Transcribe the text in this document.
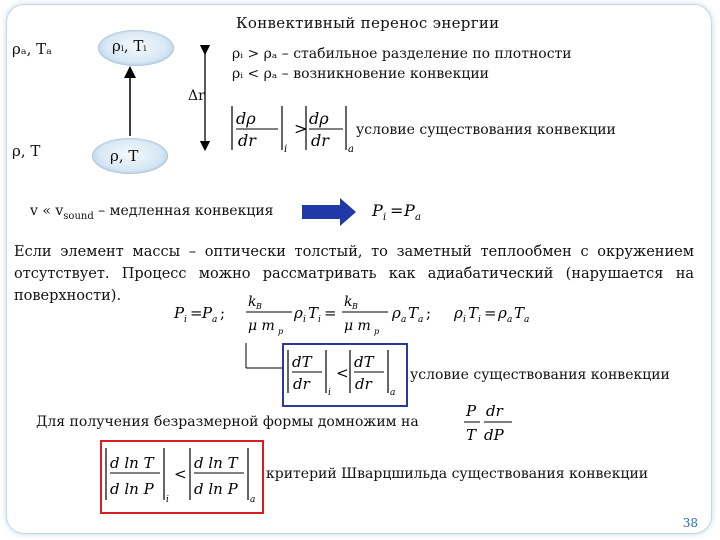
Конвективный перенос энергии
ρₐ, Tₐ
ρ, T
ρᵢ, Tᵢ
ρ, T
Δr
ρᵢ > ρₐ – стабильное разделение по плотности
ρᵢ < ρₐ – возникновение конвекции
dρ
dr	i
>
dρ
dr a
условие существования конвекции
v « $v_{sound}$ – медленная конвекция	P i = P a
Если элемент массы – оптически толстый, то заметный теплообмен с окружением отсутствует. Процесс можно рассматривать как адиабатический (нарушается на поверхности).
P i = P a ;
k B
μ m p
ρ i T i =
k B
μ m p
ρ a T a ; ρ i T i = ρ a T a
dT
dr i
<
dT
dr a
условие существования конвекции
Для получения безразмерной формы домножим на
P
T
dr
dP
d ln T
d ln P
i
<
d ln T
d ln P
a
критерий Шварцшильда существования конвекции
38
